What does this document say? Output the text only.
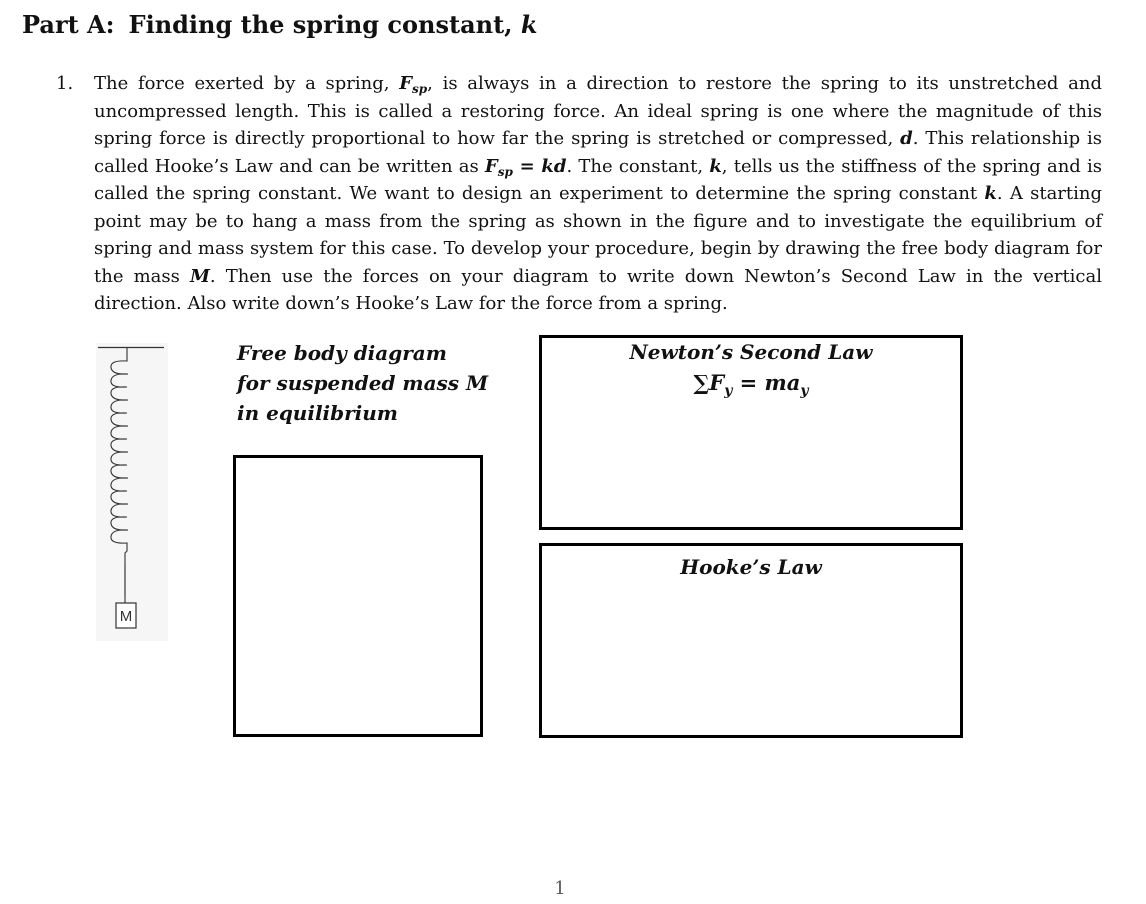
Part A: Finding the spring constant, k
1. The force exerted by a spring, $F_{sp}$, is always in a direction to restore the spring to its unstretched and uncompressed length. This is called a restoring force. An ideal spring is one where the magnitude of this spring force is directly proportional to how far the spring is stretched or compressed, d. This relationship is called Hooke’s Law and can be written as $F_{sp}$ = kd. The constant, k, tells us the stiffness of the spring and is called the spring constant. We want to design an experiment to determine the spring constant k. A starting point may be to hang a mass from the spring as shown in the figure and to investigate the equilibrium of spring and mass system for this case. To develop your procedure, begin by drawing the free body diagram for the mass M. Then use the forces on your diagram to write down Newton’s Second Law in the vertical direction. Also write down’s Hooke’s Law for the force from a spring.

M
Free body diagram
for suspended mass M
in equilibrium
Newton’s Second Law
$\sum F_y = ma_y$
Hooke’s Law
1
